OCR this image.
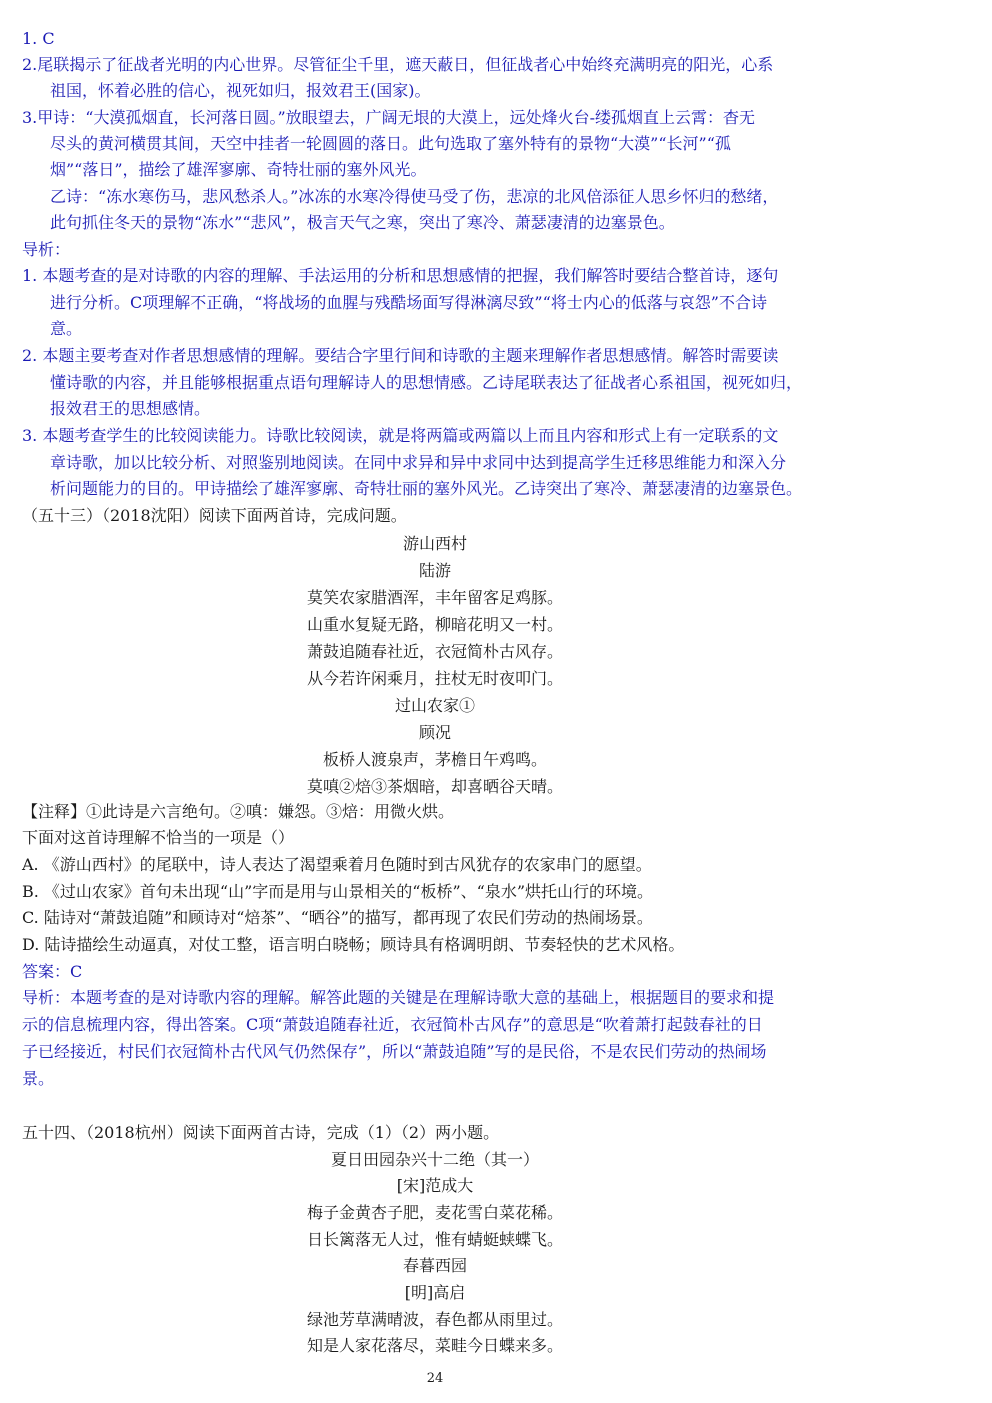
1. C
2.尾联揭示了征战者光明的内心世界。尽管征尘千里，遮天蔽日，但征战者心中始终充满明亮的阳光，心系
祖国，怀着必胜的信心，视死如归，报效君王(国家)。
3.甲诗：“大漠孤烟直，长河落日圆。”放眼望去，广阔无垠的大漠上，远处烽火台-缕孤烟直上云霄：杳无
尽头的黄河横贯其间，天空中挂者一轮圆圆的落日。此句选取了塞外特有的景物“大漠”“长河”“孤
烟”“落日”，描绘了雄浑寥廓、奇特壮丽的塞外风光。
乙诗：“冻水寒伤马，悲风愁杀人。”冰冻的水寒冷得使马受了伤，悲凉的北风倍添征人思乡怀归的愁绪，
此句抓住冬天的景物“冻水”“悲风”，极言天气之寒，突出了寒冷、萧瑟凄清的边塞景色。
导析：
1. 本题考查的是对诗歌的内容的理解、手法运用的分析和思想感情的把握，我们解答时要结合整首诗，逐句
进行分析。C项理解不正确，“将战场的血腥与残酷场面写得淋漓尽致”“将士内心的低落与哀怨”不合诗
意。
2. 本题主要考查对作者思想感情的理解。要结合字里行间和诗歌的主题来理解作者思想感情。解答时需要读
懂诗歌的内容，并且能够根据重点语句理解诗人的思想情感。乙诗尾联表达了征战者心系祖国，视死如归，
报效君王的思想感情。
3. 本题考查学生的比较阅读能力。诗歌比较阅读，就是将两篇或两篇以上而且内容和形式上有一定联系的文
章诗歌，加以比较分析、对照鉴别地阅读。在同中求异和异中求同中达到提高学生迁移思维能力和深入分
析问题能力的目的。甲诗描绘了雄浑寥廓、奇特壮丽的塞外风光。乙诗突出了寒冷、萧瑟凄清的边塞景色。
（五十三）（2018沈阳）阅读下面两首诗，完成问题。
游山西村
陆游
莫笑农家腊酒浑，丰年留客足鸡豚。
山重水复疑无路，柳暗花明又一村。
萧鼓追随春社近，衣冠简朴古风存。
从今若许闲乘月，拄杖无时夜叩门。
过山农家①
顾况
板桥人渡泉声，茅檐日午鸡鸣。
莫嗔②焙③茶烟暗，却喜晒谷天晴。
【注释】①此诗是六言绝句。②嗔：嫌怨。③焙：用微火烘。
下面对这首诗理解不恰当的一项是（）
A. 《游山西村》的尾联中，诗人表达了渴望乘着月色随时到古风犹存的农家串门的愿望。
B. 《过山农家》首句未出现“山”字而是用与山景相关的“板桥”、“泉水”烘托山行的环境。
C. 陆诗对“萧鼓追随”和顾诗对“焙茶”、“晒谷”的描写，都再现了农民们劳动的热闹场景。
D. 陆诗描绘生动逼真，对仗工整，语言明白晓畅；顾诗具有格调明朗、节奏轻快的艺术风格。
答案：C
导析：本题考查的是对诗歌内容的理解。解答此题的关键是在理解诗歌大意的基础上，根据题目的要求和提
示的信息梳理内容，得出答案。C项“萧鼓追随春社近，衣冠简朴古风存”的意思是“吹着萧打起鼓春社的日
子已经接近，村民们衣冠简朴古代风气仍然保存”，所以“萧鼓追随”写的是民俗，不是农民们劳动的热闹场
景。
五十四、（2018杭州）阅读下面两首古诗，完成（1）（2）两小题。
夏日田园杂兴十二绝（其一）
[宋]范成大
梅子金黄杏子肥，麦花雪白菜花稀。
日长篱落无人过，惟有蜻蜓蛱蝶飞。
春暮西园
[明]高启
绿池芳草满晴波，春色都从雨里过。
知是人家花落尽，菜畦今日蝶来多。
24
